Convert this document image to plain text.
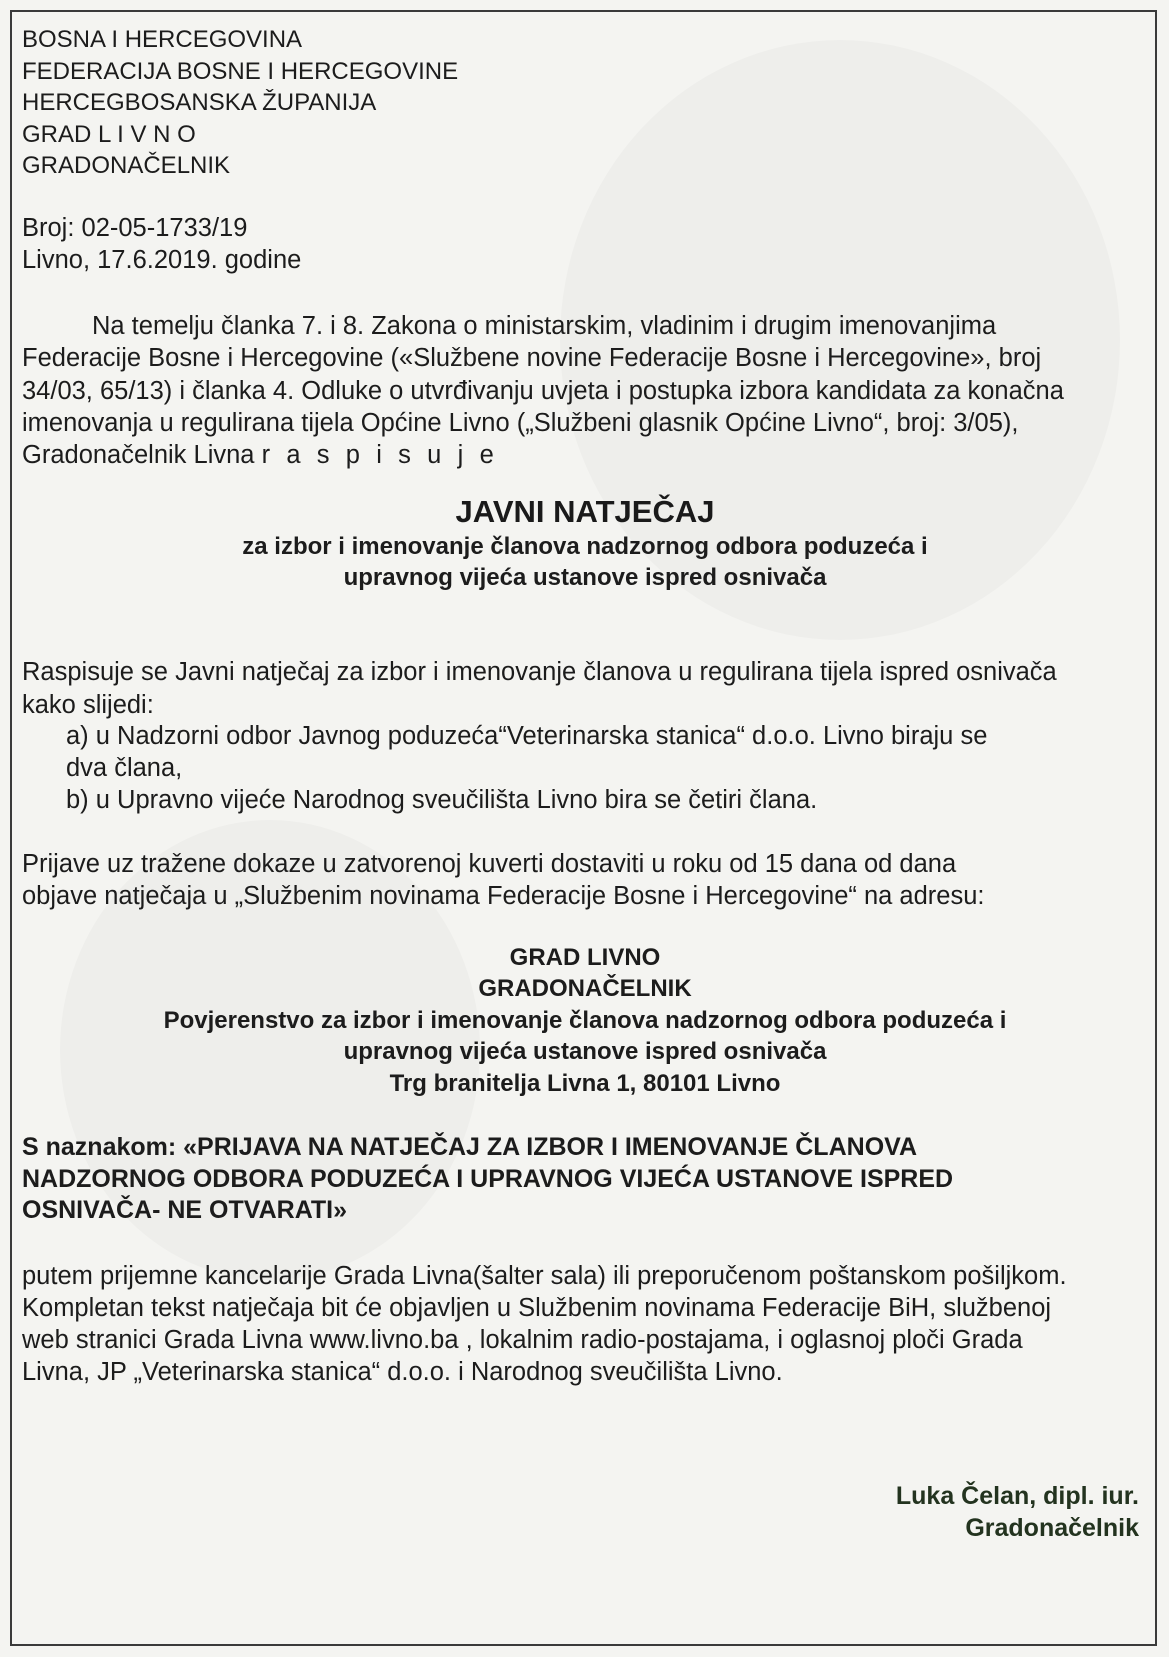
BOSNA I HERCEGOVINA
FEDERACIJA BOSNE I HERCEGOVINE
HERCEGBOSANSKA ŽUPANIJA
GRAD L I V N O
GRADONAČELNIK
Broj: 02-05-1733/19
Livno, 17.6.2019. godine
Na temelju članka 7. i 8. Zakona o ministarskim, vladinim i drugim imenovanjima Federacije Bosne i Hercegovine («Službene novine Federacije Bosne i Hercegovine», broj 34/03, 65/13) i članka 4. Odluke o utvrđivanju uvjeta i postupka izbora kandidata za konačna imenovanja u regulirana tijela Općine Livno („Službeni glasnik Općine Livno“, broj: 3/05), Gradonačelnik Livna r a s p i s u j e
JAVNI NATJEČAJ
za izbor i imenovanje članova nadzornog odbora poduzeća i
upravnog vijeća ustanove ispred osnivača
Raspisuje se Javni natječaj za izbor i imenovanje članova u regulirana tijela ispred osnivača kako slijedi:
a) u Nadzorni odbor Javnog poduzeća“Veterinarska stanica“ d.o.o. Livno biraju se
dva člana,
b) u Upravno vijeće Narodnog sveučilišta Livno bira se četiri člana.
Prijave uz tražene dokaze u zatvorenoj kuverti dostaviti u roku od 15 dana od dana
objave natječaja u „Službenim novinama Federacije Bosne i Hercegovine“ na adresu:
GRAD LIVNO
GRADONAČELNIK
Povjerenstvo za izbor i imenovanje članova nadzornog odbora poduzeća i
upravnog vijeća ustanove ispred osnivača
Trg branitelja Livna 1, 80101 Livno
S naznakom: «PRIJAVA NA NATJEČAJ ZA IZBOR I IMENOVANJE ČLANOVA NADZORNOG ODBORA PODUZEĆA I UPRAVNOG VIJEĆA USTANOVE ISPRED OSNIVAČA- NE OTVARATI»
putem prijemne kancelarije Grada Livna(šalter sala) ili preporučenom poštanskom pošiljkom. Kompletan tekst natječaja bit će objavljen u Službenim novinama Federacije BiH, službenoj web stranici Grada Livna www.livno.ba , lokalnim radio-postajama, i oglasnoj ploči Grada Livna, JP „Veterinarska stanica“ d.o.o. i Narodnog sveučilišta Livno.
Luka Čelan, dipl. iur.
Gradonačelnik
